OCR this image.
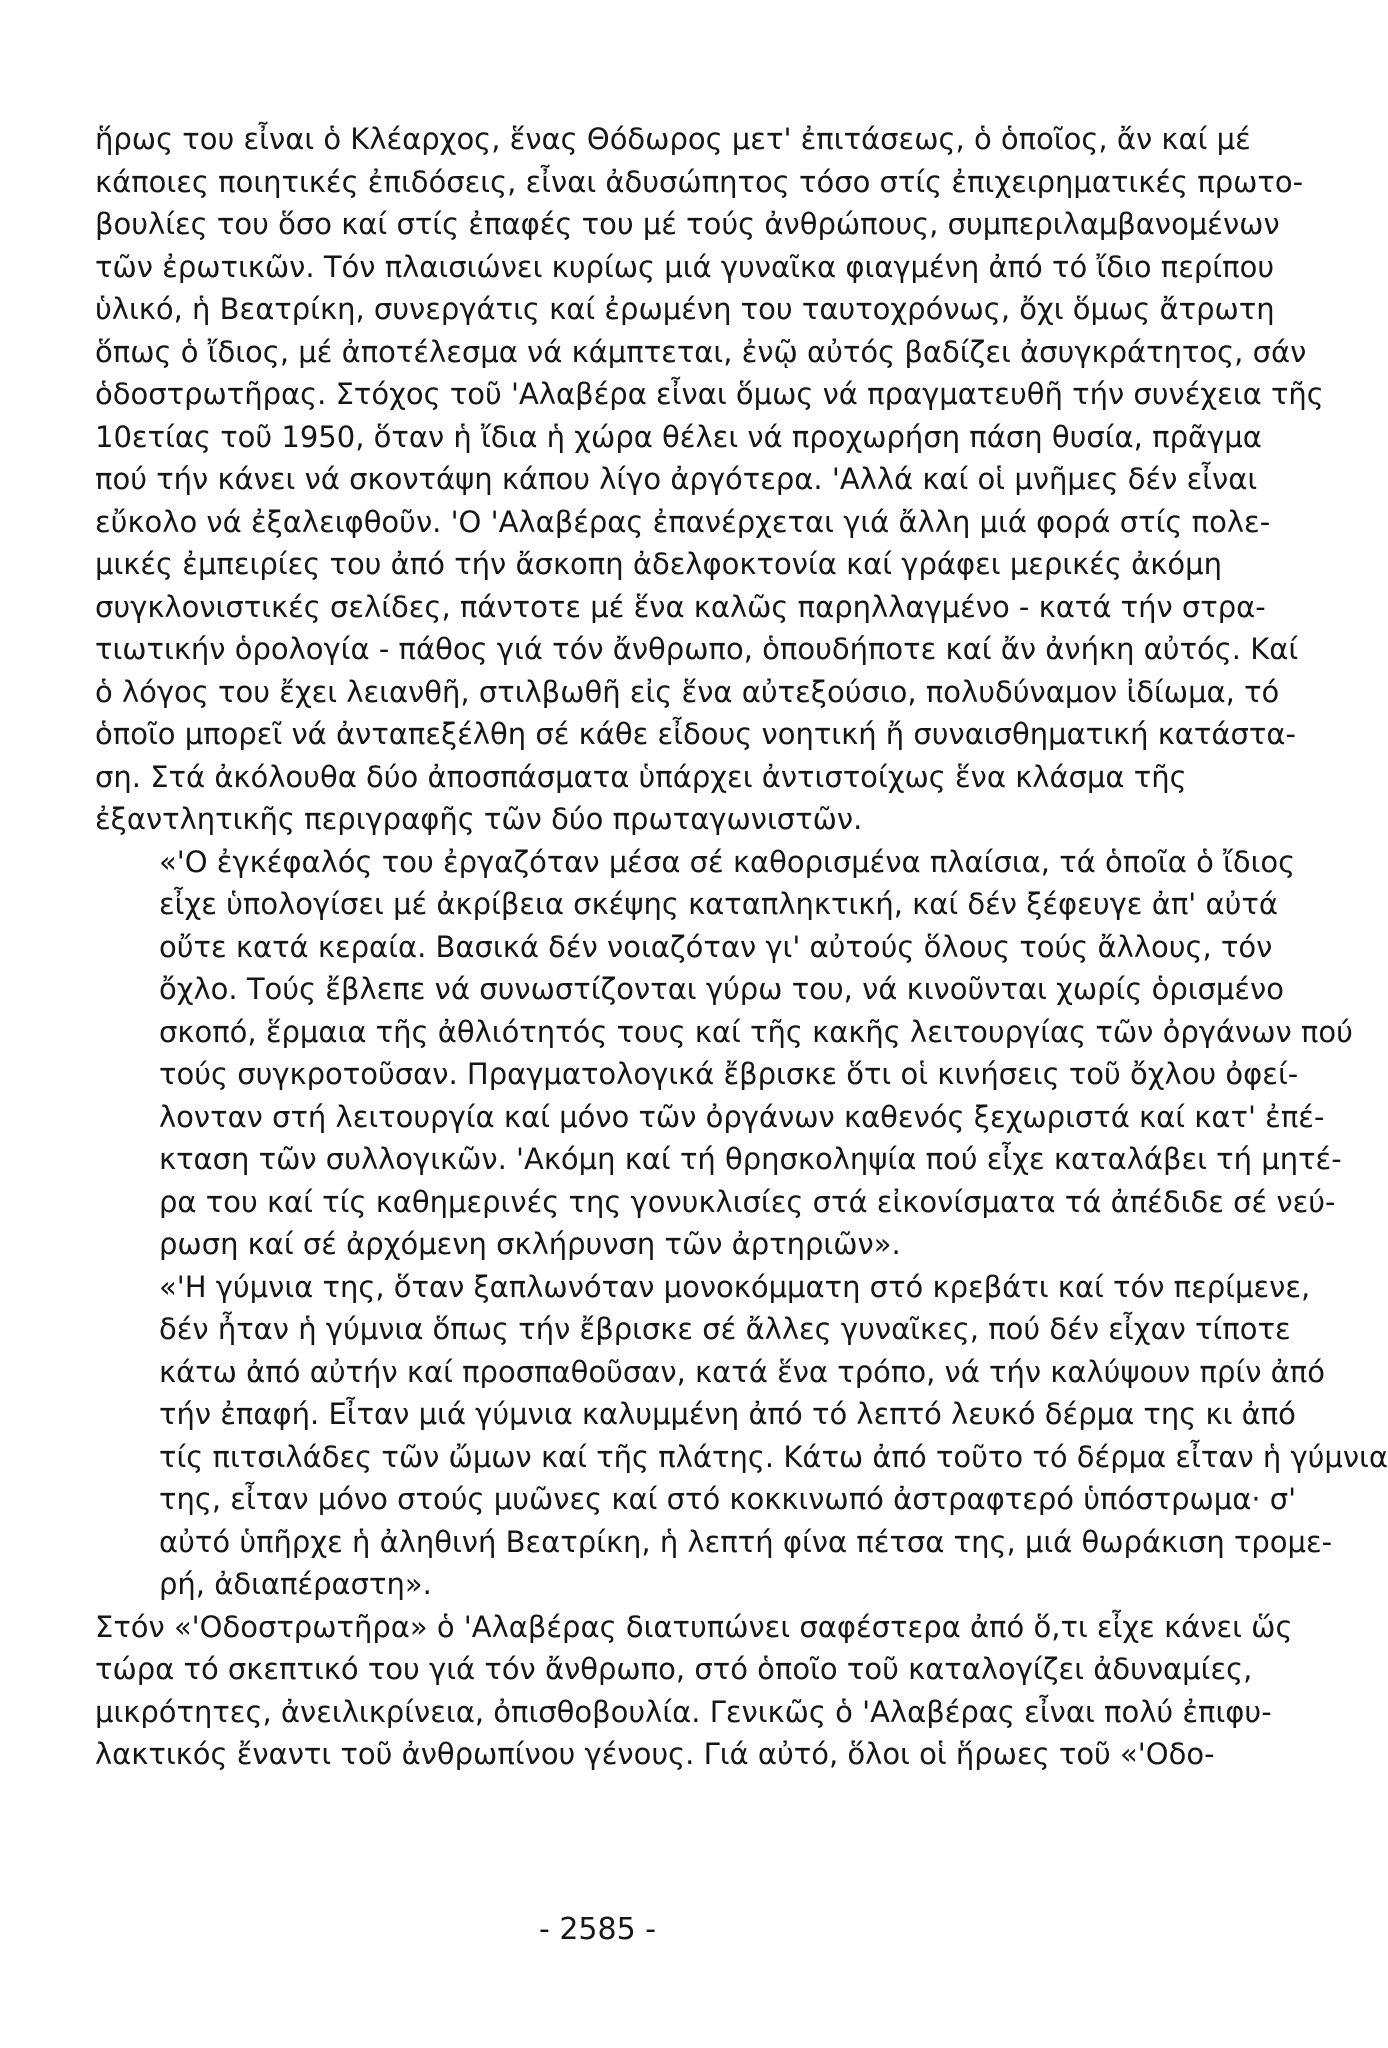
ἥρως του εἶναι ὁ Κλέαρχος, ἕνας Θόδωρος μετ' ἐπιτάσεως, ὁ ὁποῖος, ἄν καί μέ
κάποιες ποιητικές ἐπιδόσεις, εἶναι ἀδυσώπητος τόσο στίς ἐπιχειρηματικές πρωτο-
βουλίες του ὅσο καί στίς ἐπαφές του μέ τούς ἀνθρώπους, συμπεριλαμβανομένων
τῶν ἐρωτικῶν. Τόν πλαισιώνει κυρίως μιά γυναῖκα φιαγμένη ἀπό τό ἴδιο περίπου
ὑλικό, ἡ Βεατρίκη, συνεργάτις καί ἐρωμένη του ταυτοχρόνως, ὄχι ὅμως ἄτρωτη
ὅπως ὁ ἴδιος, μέ ἀποτέλεσμα νά κάμπτεται, ἐνῷ αὐτός βαδίζει ἀσυγκράτητος, σάν
ὁδοστρωτῆρας. Στόχος τοῦ 'Αλαβέρα εἶναι ὅμως νά πραγματευθῆ τήν συνέχεια τῆς
10ετίας τοῦ 1950, ὅταν ἡ ἴδια ἡ χώρα θέλει νά προχωρήση πάση θυσία, πρᾶγμα
πού τήν κάνει νά σκοντάψη κάπου λίγο ἀργότερα. 'Αλλά καί οἱ μνῆμες δέν εἶναι
εὔκολο νά ἐξαλειφθοῦν. 'Ο 'Αλαβέρας ἐπανέρχεται γιά ἄλλη μιά φορά στίς πολε-
μικές ἐμπειρίες του ἀπό τήν ἄσκοπη ἀδελφοκτονία καί γράφει μερικές ἀκόμη
συγκλονιστικές σελίδες, πάντοτε μέ ἕνα καλῶς παρηλλαγμένο - κατά τήν στρα-
τιωτικήν ὁρολογία - πάθος γιά τόν ἄνθρωπο, ὁπουδήποτε καί ἄν ἀνήκη αὐτός. Καί
ὁ λόγος του ἔχει λειανθῆ, στιλβωθῆ εἰς ἕνα αὐτεξούσιο, πολυδύναμον ἰδίωμα, τό
ὁποῖο μπορεῖ νά ἀνταπεξέλθη σέ κάθε εἶδους νοητική ἤ συναισθηματική κατάστα-
ση. Στά ἀκόλουθα δύο ἀποσπάσματα ὑπάρχει ἀντιστοίχως ἕνα κλάσμα τῆς
ἐξαντλητικῆς περιγραφῆς τῶν δύο πρωταγωνιστῶν.
«'Ο ἐγκέφαλός του ἐργαζόταν μέσα σέ καθορισμένα πλαίσια, τά ὁποῖα ὁ ἴδιος
εἶχε ὑπολογίσει μέ ἀκρίβεια σκέψης καταπληκτική, καί δέν ξέφευγε ἀπ' αὐτά
οὔτε κατά κεραία. Βασικά δέν νοιαζόταν γι' αὐτούς ὅλους τούς ἄλλους, τόν
ὄχλο. Τούς ἔβλεπε νά συνωστίζονται γύρω του, νά κινοῦνται χωρίς ὁρισμένο
σκοπό, ἕρμαια τῆς ἀθλιότητός τους καί τῆς κακῆς λειτουργίας τῶν ὀργάνων πού
τούς συγκροτοῦσαν. Πραγματολογικά ἔβρισκε ὅτι οἱ κινήσεις τοῦ ὄχλου ὀφεί-
λονταν στή λειτουργία καί μόνο τῶν ὀργάνων καθενός ξεχωριστά καί κατ' ἐπέ-
κταση τῶν συλλογικῶν. 'Ακόμη καί τή θρησκοληψία πού εἶχε καταλάβει τή μητέ-
ρα του καί τίς καθημερινές της γονυκλισίες στά εἰκονίσματα τά ἀπέδιδε σέ νεύ-
ρωση καί σέ ἀρχόμενη σκλήρυνση τῶν ἀρτηριῶν».
«'Η γύμνια της, ὅταν ξαπλωνόταν μονοκόμματη στό κρεβάτι καί τόν περίμενε,
δέν ἦταν ἡ γύμνια ὅπως τήν ἔβρισκε σέ ἄλλες γυναῖκες, πού δέν εἶχαν τίποτε
κάτω ἀπό αὐτήν καί προσπαθοῦσαν, κατά ἕνα τρόπο, νά τήν καλύψουν πρίν ἀπό
τήν ἐπαφή. Εἶταν μιά γύμνια καλυμμένη ἀπό τό λεπτό λευκό δέρμα της κι ἀπό
τίς πιτσιλάδες τῶν ὤμων καί τῆς πλάτης. Κάτω ἀπό τοῦτο τό δέρμα εἶταν ἡ γύμνια
της, εἶταν μόνο στούς μυῶνες καί στό κοκκινωπό ἀστραφτερό ὑπόστρωμα· σ'
αὐτό ὑπῆρχε ἡ ἀληθινή Βεατρίκη, ἡ λεπτή φίνα πέτσα της, μιά θωράκιση τρομε-
ρή, ἀδιαπέραστη».
Στόν «'Οδοστρωτῆρα» ὁ 'Αλαβέρας διατυπώνει σαφέστερα ἀπό ὅ,τι εἶχε κάνει ὥς
τώρα τό σκεπτικό του γιά τόν ἄνθρωπο, στό ὁποῖο τοῦ καταλογίζει ἀδυναμίες,
μικρότητες, ἀνειλικρίνεια, ὀπισθοβουλία. Γενικῶς ὁ 'Αλαβέρας εἶναι πολύ ἐπιφυ-
λακτικός ἔναντι τοῦ ἀνθρωπίνου γένους. Γιά αὐτό, ὅλοι οἱ ἥρωες τοῦ «'Οδο-
- 2585 -
